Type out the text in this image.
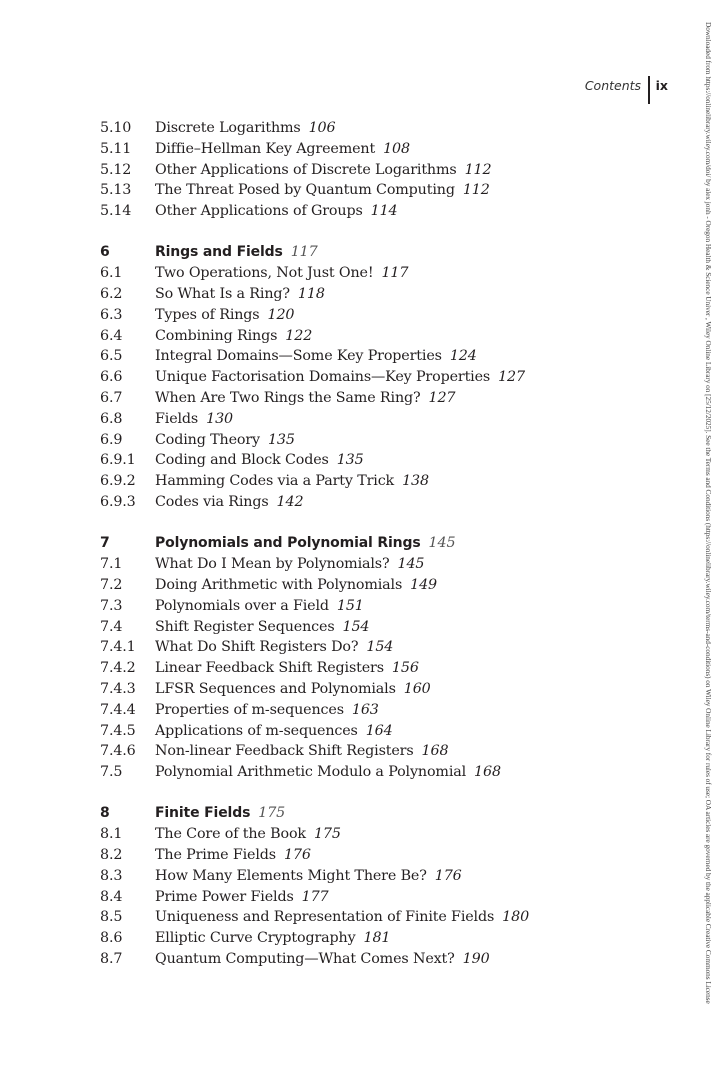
Contents	ix
5.10 Discrete Logarithms 106
5.11 Diffie–Hellman Key Agreement 108
5.12 Other Applications of Discrete Logarithms 112
5.13 The Threat Posed by Quantum Computing 112
5.14 Other Applications of Groups 114
6	Rings and Fields 117
6.1 Two Operations, Not Just One! 117
6.2 So What Is a Ring? 118
6.3 Types of Rings 120
6.4 Combining Rings 122
6.5 Integral Domains—Some Key Properties 124
6.6 Unique Factorisation Domains—Key Properties 127
6.7 When Are Two Rings the Same Ring? 127
6.8 Fields 130
6.9 Coding Theory 135
6.9.1 Coding and Block Codes 135
6.9.2 Hamming Codes via a Party Trick 138
6.9.3 Codes via Rings 142
7	Polynomials and Polynomial Rings 145
7.1 What Do I Mean by Polynomials? 145
7.2 Doing Arithmetic with Polynomials 149
7.3 Polynomials over a Field 151
7.4 Shift Register Sequences 154
7.4.1 What Do Shift Registers Do? 154
7.4.2 Linear Feedback Shift Registers 156
7.4.3 LFSR Sequences and Polynomials 160
7.4.4 Properties of m-sequences 163
7.4.5 Applications of m-sequences 164
7.4.6 Non-linear Feedback Shift Registers 168
7.5 Polynomial Arithmetic Modulo a Polynomial 168
8	Finite Fields 175
8.1 The Core of the Book 175
8.2 The Prime Fields 176
8.3 How Many Elements Might There Be? 176
8.4 Prime Power Fields 177
8.5 Uniqueness and Representation of Finite Fields 180
8.6 Elliptic Curve Cryptography 181
8.7 Quantum Computing—What Comes Next? 190	Downloaded from https://onlinelibrary.wiley.com/doi/ by alex jonh - Oregon Health & Science Univer , Wiley Online Library on [25/12/2025]. See the Terms and Conditions (https://onlinelibrary.wiley.com/terms-and-conditions) on Wiley Online Library for rules of use; OA articles are governed by the applicable Creative Commons License
